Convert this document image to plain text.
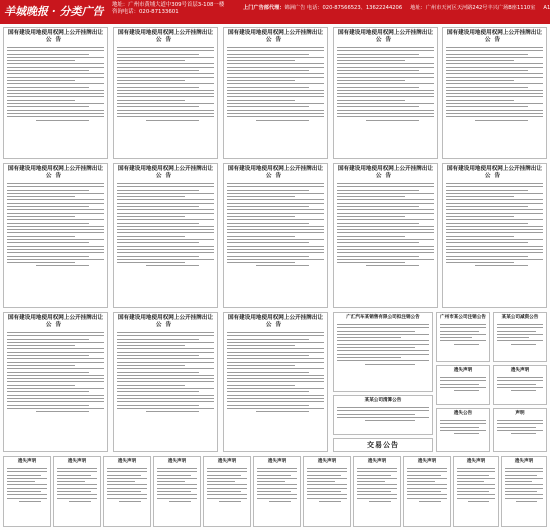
羊城晚报 · 分类广告 地址：广州市黄埔大道中309号首层3-108一楼
咨询电话：020-87133601
上门广告部代理：锦洲广告 电话：020-87566523、13622244206 地址：广州市天河区天河路242号丰兴广场B座1110室 A16
国有建设用地使用权网上公开挂牌出让
公告
国有建设用地使用权网上公开挂牌出让
公告
国有建设用地使用权网上公开挂牌出让
公告
国有建设用地使用权网上公开挂牌出让
公告
国有建设用地使用权网上公开挂牌出让
公告
国有建设用地使用权网上公开挂牌出让
公告
国有建设用地使用权网上公开挂牌出让
公告
国有建设用地使用权网上公开挂牌出让
公告
国有建设用地使用权网上公开挂牌出让
公告
国有建设用地使用权网上公开挂牌出让
公告
国有建设用地使用权网上公开挂牌出让
公告
国有建设用地使用权网上公开挂牌出让
公告
国有建设用地使用权网上公开挂牌出让
公告
广汇汽车某销售有限公司拟注销公告	广州市某公司注销公告	某某公司减资公告
某某公司清算公告
遗失声明	遗失声明
遗失公告	声明
交易公告
遗失声明	遗失声明	遗失声明	遗失声明	遗失声明	遗失声明	遗失声明	遗失声明	遗失声明	遗失声明	遗失声明
